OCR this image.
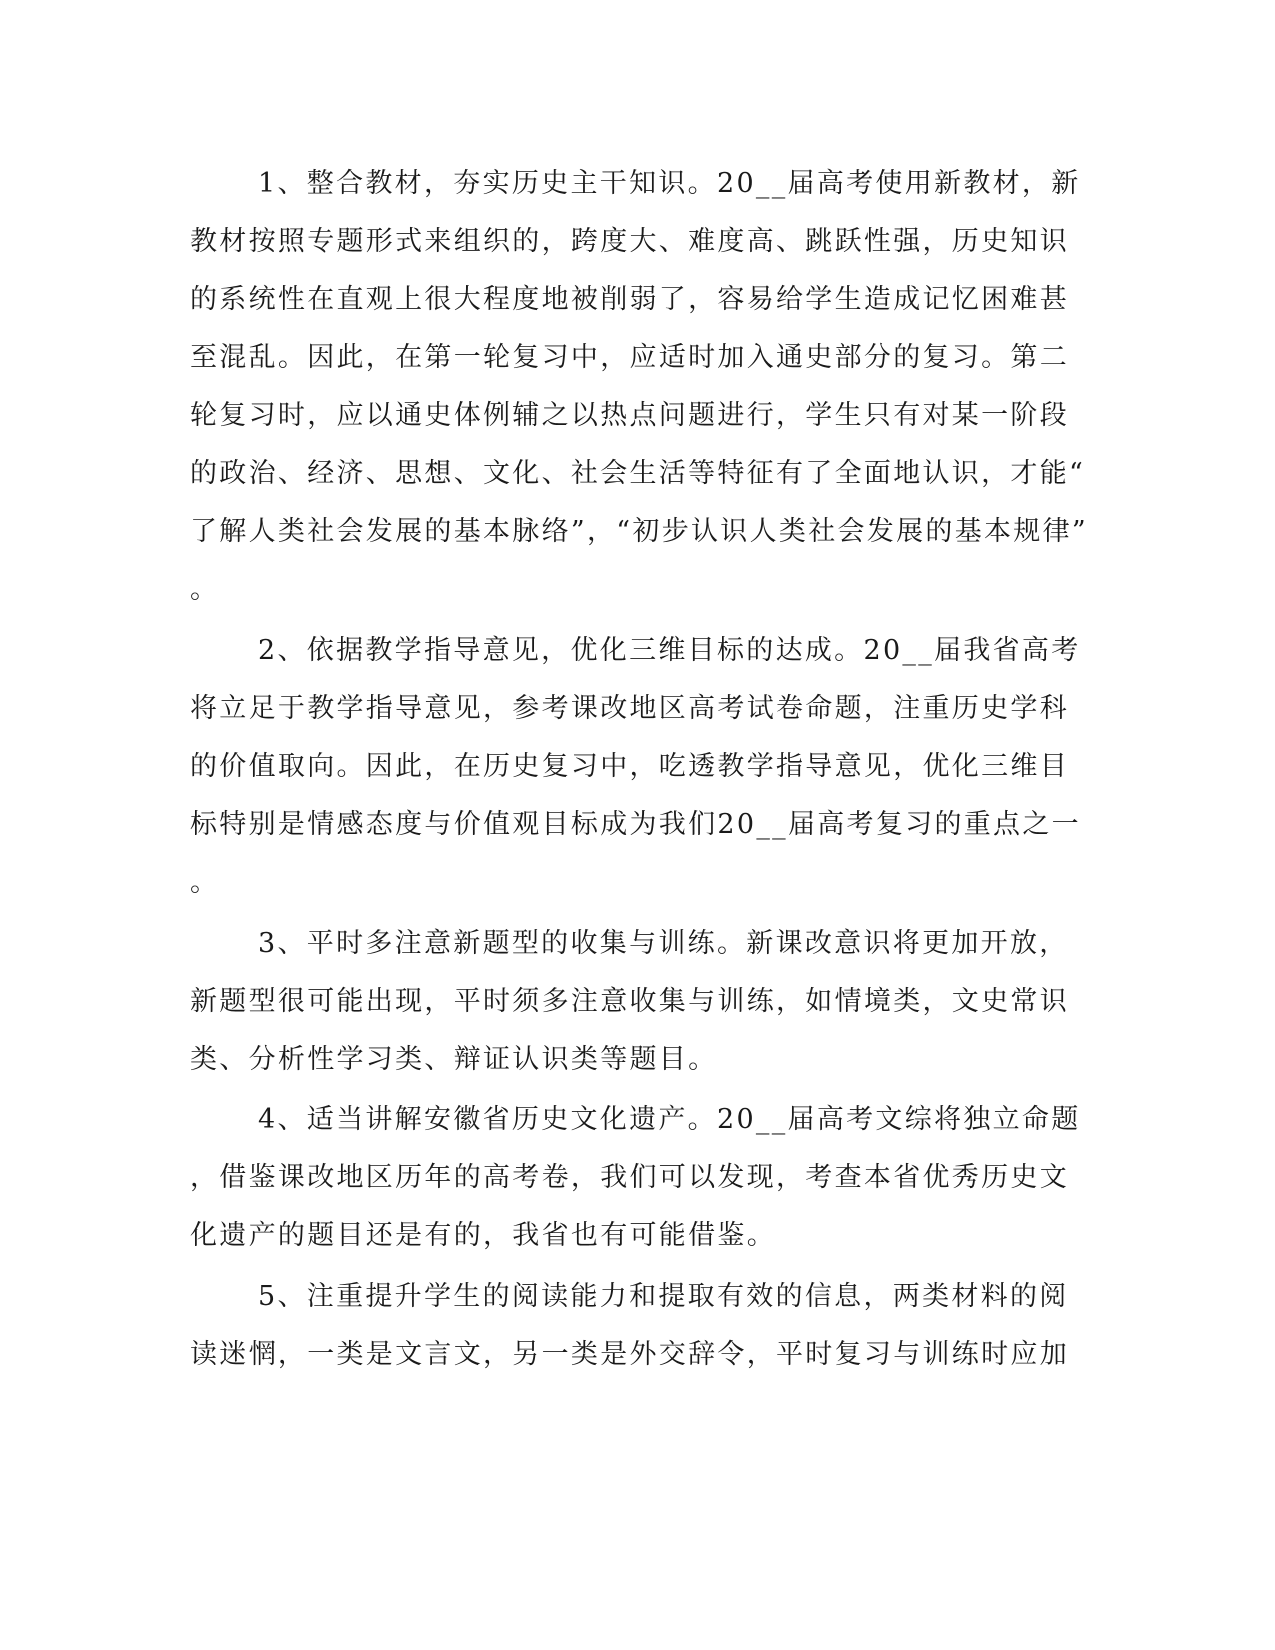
1、整合教材，夯实历史主干知识。20__届高考使用新教材，新
教材按照专题形式来组织的，跨度大、难度高、跳跃性强，历史知识
的系统性在直观上很大程度地被削弱了，容易给学生造成记忆困难甚
至混乱。因此，在第一轮复习中，应适时加入通史部分的复习。第二
轮复习时，应以通史体例辅之以热点问题进行，学生只有对某一阶段
的政治、经济、思想、文化、社会生活等特征有了全面地认识，才能“
了解人类社会发展的基本脉络”，“初步认识人类社会发展的基本规律”
。
2、依据教学指导意见，优化三维目标的达成。20__届我省高考
将立足于教学指导意见，参考课改地区高考试卷命题，注重历史学科
的价值取向。因此，在历史复习中，吃透教学指导意见，优化三维目
标特别是情感态度与价值观目标成为我们20__届高考复习的重点之一
。
3、平时多注意新题型的收集与训练。新课改意识将更加开放，
新题型很可能出现，平时须多注意收集与训练，如情境类，文史常识
类、分析性学习类、辩证认识类等题目。
4、适当讲解安徽省历史文化遗产。20__届高考文综将独立命题
，借鉴课改地区历年的高考卷，我们可以发现，考查本省优秀历史文
化遗产的题目还是有的，我省也有可能借鉴。
5、注重提升学生的阅读能力和提取有效的信息，两类材料的阅
读迷惘，一类是文言文，另一类是外交辞令，平时复习与训练时应加
